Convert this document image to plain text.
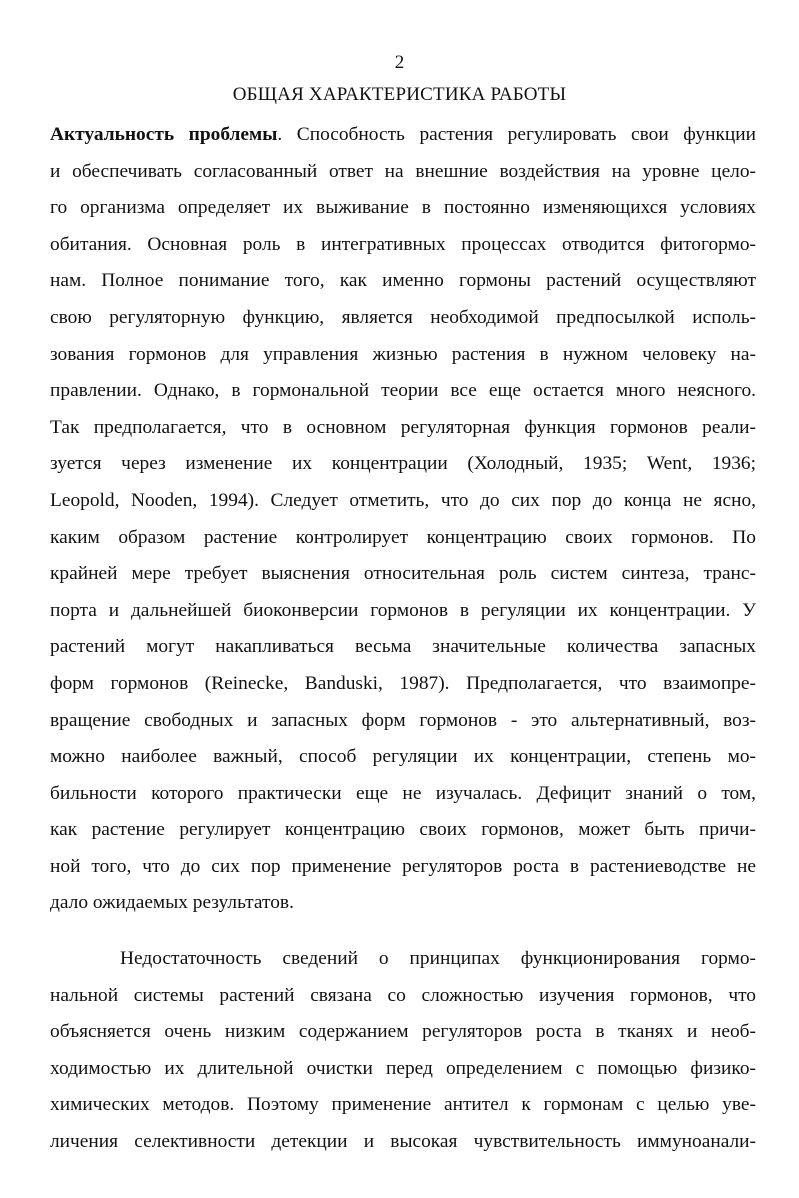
2
ОБЩАЯ ХАРАКТЕРИСТИКА РАБОТЫ
Актуальность проблемы. Способность растения регулировать свои функции
и обеспечивать согласованный ответ на внешние воздействия на уровне цело-
го организма определяет их выживание в постоянно изменяющихся условиях
обитания. Основная роль в интегративных процессах отводится фитогормо-
нам. Полное понимание того, как именно гормоны растений осуществляют
свою регуляторную функцию, является необходимой предпосылкой исполь-
зования гормонов для управления жизнью растения в нужном человеку на-
правлении. Однако, в гормональной теории все еще остается много неясного.
Так предполагается, что в основном регуляторная функция гормонов реали-
зуется через изменение их концентрации (Холодный, 1935; Went, 1936;
Leopold, Nooden, 1994). Следует отметить, что до сих пор до конца не ясно,
каким образом растение контролирует концентрацию своих гормонов. По
крайней мере требует выяснения относительная роль систем синтеза, транс-
порта и дальнейшей биоконверсии гормонов в регуляции их концентрации. У
растений могут накапливаться весьма значительные количества запасных
форм гормонов (Reinecke, Banduski, 1987). Предполагается, что взаимопре-
вращение свободных и запасных форм гормонов - это альтернативный, воз-
можно наиболее важный, способ регуляции их концентрации, степень мо-
бильности которого практически еще не изучалась. Дефицит знаний о том,
как растение регулирует концентрацию своих гормонов, может быть причи-
ной того, что до сих пор применение регуляторов роста в растениеводстве не
дало ожидаемых результатов.
Недостаточность сведений о принципах функционирования гормо-
нальной системы растений связана со сложностью изучения гормонов, что
объясняется очень низким содержанием регуляторов роста в тканях и необ-
ходимостью их длительной очистки перед определением с помощью физико-
химических методов. Поэтому применение антител к гормонам с целью уве-
личения селективности детекции и высокая чувствительность иммуноанали-
